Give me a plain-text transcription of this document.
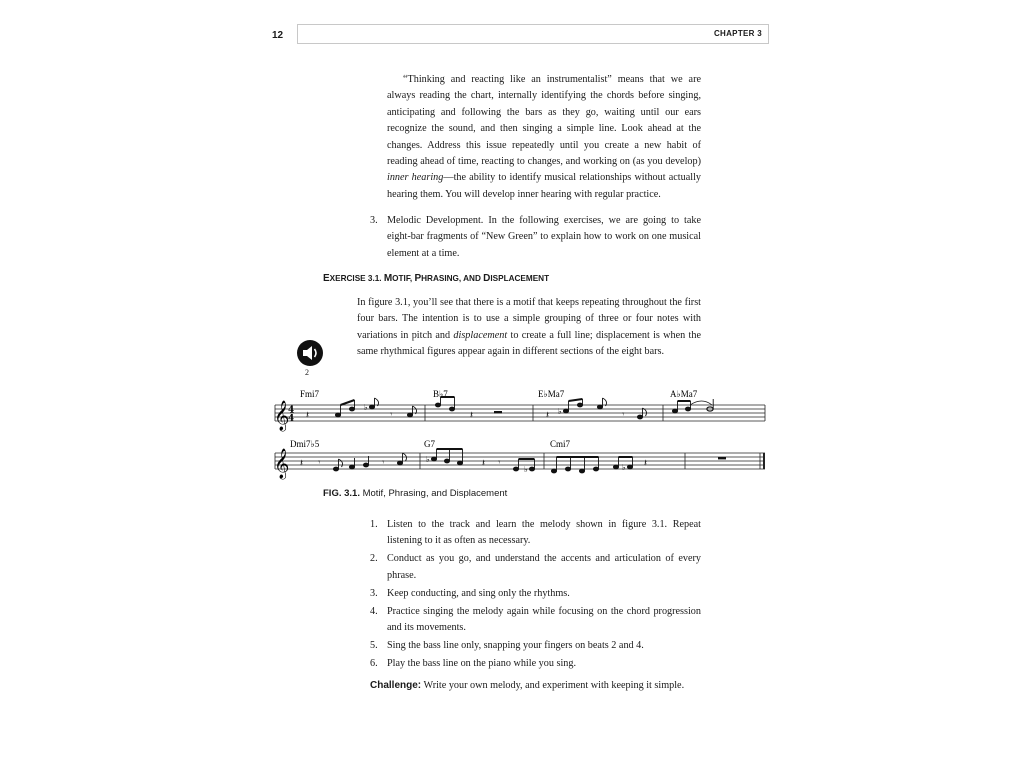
12	CHAPTER 3
“Thinking and reacting like an instrumentalist” means that we are always reading the chart, internally identifying the chords before singing, anticipating and following the bars as they go, waiting until our ears recognize the sound, and then singing a simple line. Look ahead at the changes. Address this issue repeatedly until you create a new habit of reading ahead of time, reacting to changes, and working on (as you develop) inner hearing—the ability to identify musical relationships without actually hearing them. You will develop inner hearing with regular practice.
3. Melodic Development. In the following exercises, we are going to take eight-bar fragments of “New Green” to explain how to work on one musical element at a time.
EXERCISE 3.1. MOTIF, PHRASING, AND DISPLACEMENT
In figure 3.1, you’ll see that there is a motif that keeps repeating throughout the first four bars. The intention is to use a simple grouping of three or four notes with variations in pitch and displacement to create a full line; displacement is when the same rhythmical figures appear again in different sections of the eight bars.
2
Fmi7	B♭7	E♭Ma7	A♭Ma7
𝄞
4
4 𝄽
♭
𝄾	𝄽	𝄽 ♭	𝄾
Dmi7♭5	G7	Cmi7
𝄞 𝄽 𝄾	𝄾	♭	𝄽 𝄾
♭	♭ 𝄽
FIG. 3.1. Motif, Phrasing, and Displacement
1. Listen to the track and learn the melody shown in figure 3.1. Repeat listening to it as often as necessary.
2. Conduct as you go, and understand the accents and articulation of every phrase.
3. Keep conducting, and sing only the rhythms.
4. Practice singing the melody again while focusing on the chord progression and its movements.
5. Sing the bass line only, snapping your fingers on beats 2 and 4.
6. Play the bass line on the piano while you sing.
Challenge: Write your own melody, and experiment with keeping it simple.
